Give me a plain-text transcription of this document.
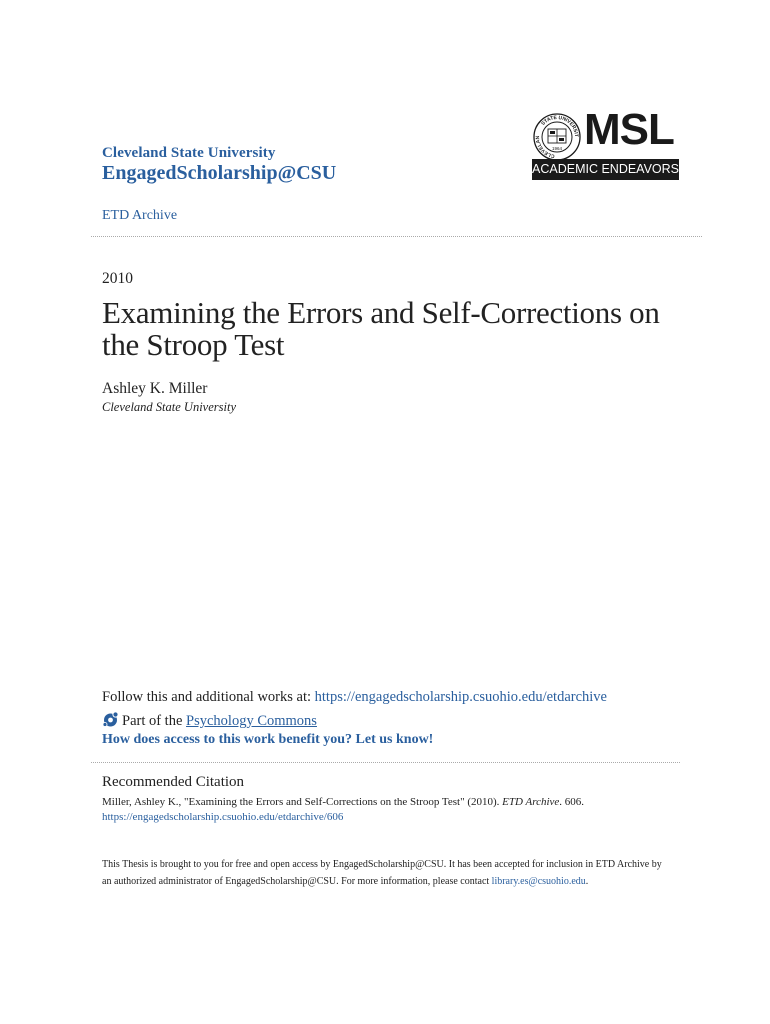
Cleveland State University
EngagedScholarship@CSU
STATE UNIVERSIT
CLEVELAN
1964 MSL
ACADEMIC ENDEAVORS
ETD Archive
2010
Examining the Errors and Self-Corrections on the Stroop Test
Ashley K. Miller
Cleveland State University
Follow this and additional works at: https://engagedscholarship.csuohio.edu/etdarchive
Part of the Psychology Commons
How does access to this work benefit you? Let us know!
Recommended Citation
Miller, Ashley K., "Examining the Errors and Self-Corrections on the Stroop Test" (2010). ETD Archive. 606.
https://engagedscholarship.csuohio.edu/etdarchive/606
This Thesis is brought to you for free and open access by EngagedScholarship@CSU. It has been accepted for inclusion in ETD Archive by an authorized administrator of EngagedScholarship@CSU. For more information, please contact library.es@csuohio.edu.
